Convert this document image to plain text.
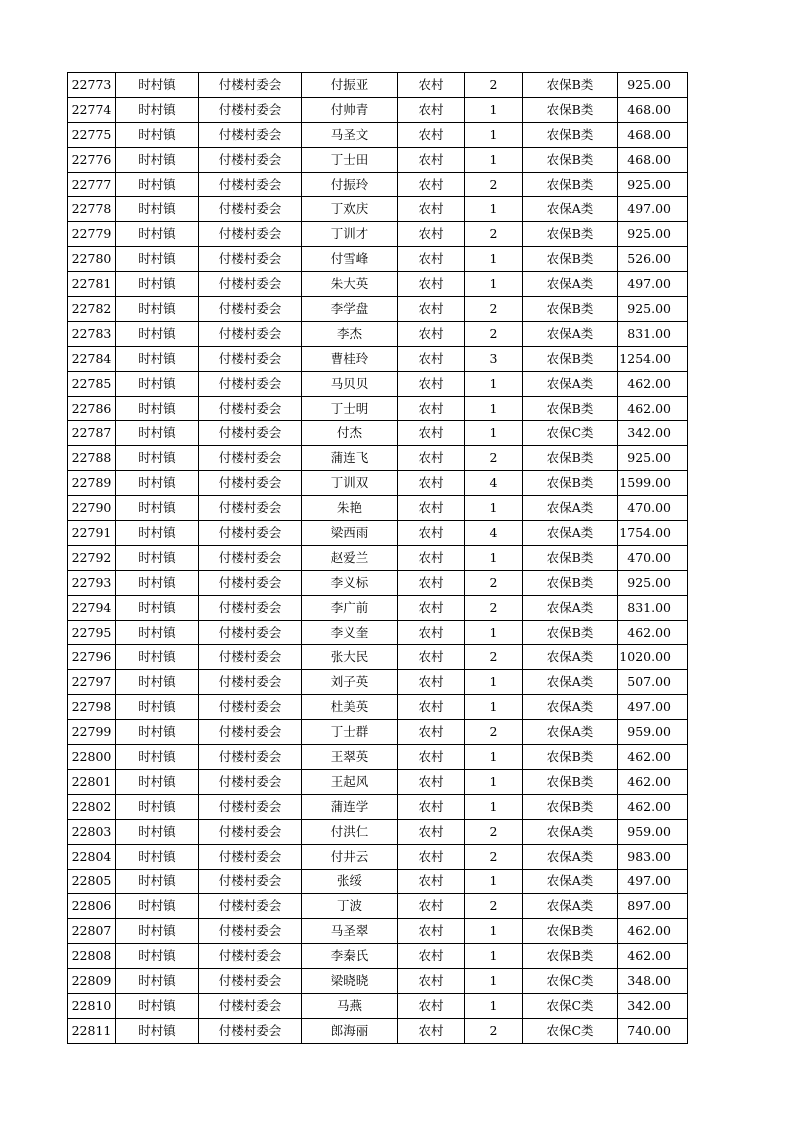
22773	时村镇	付楼村委会	付振亚	农村	2	农保B类	925.00
22774	时村镇	付楼村委会	付帅青	农村	1	农保B类	468.00
22775	时村镇	付楼村委会	马圣文	农村	1	农保B类	468.00
22776	时村镇	付楼村委会	丁士田	农村	1	农保B类	468.00
22777	时村镇	付楼村委会	付振玲	农村	2	农保B类	925.00
22778	时村镇	付楼村委会	丁欢庆	农村	1	农保A类	497.00
22779	时村镇	付楼村委会	丁训才	农村	2	农保B类	925.00
22780	时村镇	付楼村委会	付雪峰	农村	1	农保B类	526.00
22781	时村镇	付楼村委会	朱大英	农村	1	农保A类	497.00
22782	时村镇	付楼村委会	李学盘	农村	2	农保B类	925.00
22783	时村镇	付楼村委会	李杰	农村	2	农保A类	831.00
22784	时村镇	付楼村委会	曹桂玲	农村	3	农保B类	1254.00
22785	时村镇	付楼村委会	马贝贝	农村	1	农保A类	462.00
22786	时村镇	付楼村委会	丁士明	农村	1	农保B类	462.00
22787	时村镇	付楼村委会	付杰	农村	1	农保C类	342.00
22788	时村镇	付楼村委会	蒲连飞	农村	2	农保B类	925.00
22789	时村镇	付楼村委会	丁训双	农村	4	农保B类	1599.00
22790	时村镇	付楼村委会	朱艳	农村	1	农保A类	470.00
22791	时村镇	付楼村委会	梁西雨	农村	4	农保A类	1754.00
22792	时村镇	付楼村委会	赵爱兰	农村	1	农保B类	470.00
22793	时村镇	付楼村委会	李义标	农村	2	农保B类	925.00
22794	时村镇	付楼村委会	李广前	农村	2	农保A类	831.00
22795	时村镇	付楼村委会	李义奎	农村	1	农保B类	462.00
22796	时村镇	付楼村委会	张大民	农村	2	农保A类	1020.00
22797	时村镇	付楼村委会	刘子英	农村	1	农保A类	507.00
22798	时村镇	付楼村委会	杜美英	农村	1	农保A类	497.00
22799	时村镇	付楼村委会	丁士群	农村	2	农保A类	959.00
22800	时村镇	付楼村委会	王翠英	农村	1	农保B类	462.00
22801	时村镇	付楼村委会	王起风	农村	1	农保B类	462.00
22802	时村镇	付楼村委会	蒲连学	农村	1	农保B类	462.00
22803	时村镇	付楼村委会	付洪仁	农村	2	农保A类	959.00
22804	时村镇	付楼村委会	付井云	农村	2	农保A类	983.00
22805	时村镇	付楼村委会	张绥	农村	1	农保A类	497.00
22806	时村镇	付楼村委会	丁波	农村	2	农保A类	897.00
22807	时村镇	付楼村委会	马圣翠	农村	1	农保B类	462.00
22808	时村镇	付楼村委会	李秦氏	农村	1	农保B类	462.00
22809	时村镇	付楼村委会	梁晓晓	农村	1	农保C类	348.00
22810	时村镇	付楼村委会	马燕	农村	1	农保C类	342.00
22811	时村镇	付楼村委会	郎海丽	农村	2	农保C类	740.00
